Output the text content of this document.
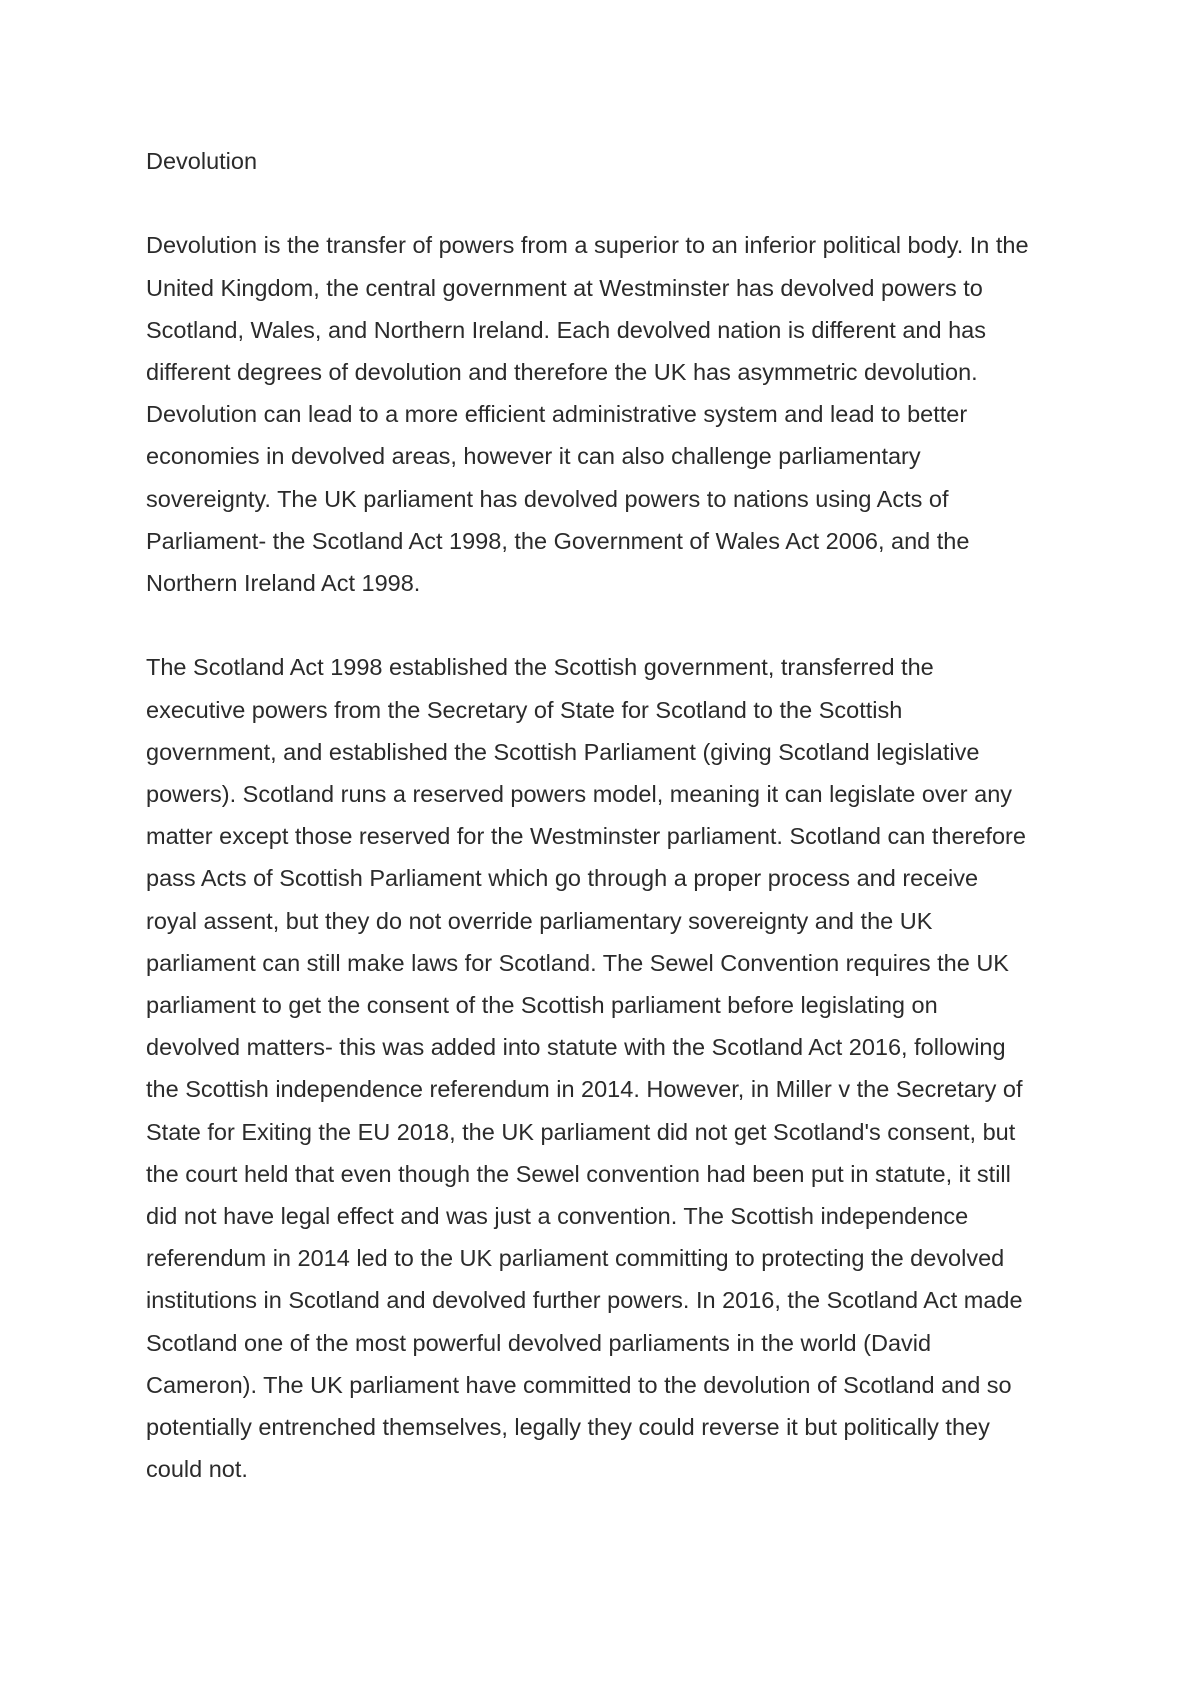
Devolution
Devolution is the transfer of powers from a superior to an inferior political body. In the
United Kingdom, the central government at Westminster has devolved powers to
Scotland, Wales, and Northern Ireland. Each devolved nation is different and has
different degrees of devolution and therefore the UK has asymmetric devolution.
Devolution can lead to a more efficient administrative system and lead to better
economies in devolved areas, however it can also challenge parliamentary
sovereignty. The UK parliament has devolved powers to nations using Acts of
Parliament- the Scotland Act 1998, the Government of Wales Act 2006, and the
Northern Ireland Act 1998.
The Scotland Act 1998 established the Scottish government, transferred the
executive powers from the Secretary of State for Scotland to the Scottish
government, and established the Scottish Parliament (giving Scotland legislative
powers). Scotland runs a reserved powers model, meaning it can legislate over any
matter except those reserved for the Westminster parliament. Scotland can therefore
pass Acts of Scottish Parliament which go through a proper process and receive
royal assent, but they do not override parliamentary sovereignty and the UK
parliament can still make laws for Scotland. The Sewel Convention requires the UK
parliament to get the consent of the Scottish parliament before legislating on
devolved matters- this was added into statute with the Scotland Act 2016, following
the Scottish independence referendum in 2014. However, in Miller v the Secretary of
State for Exiting the EU 2018, the UK parliament did not get Scotland's consent, but
the court held that even though the Sewel convention had been put in statute, it still
did not have legal effect and was just a convention. The Scottish independence
referendum in 2014 led to the UK parliament committing to protecting the devolved
institutions in Scotland and devolved further powers. In 2016, the Scotland Act made
Scotland one of the most powerful devolved parliaments in the world (David
Cameron). The UK parliament have committed to the devolution of Scotland and so
potentially entrenched themselves, legally they could reverse it but politically they
could not.
